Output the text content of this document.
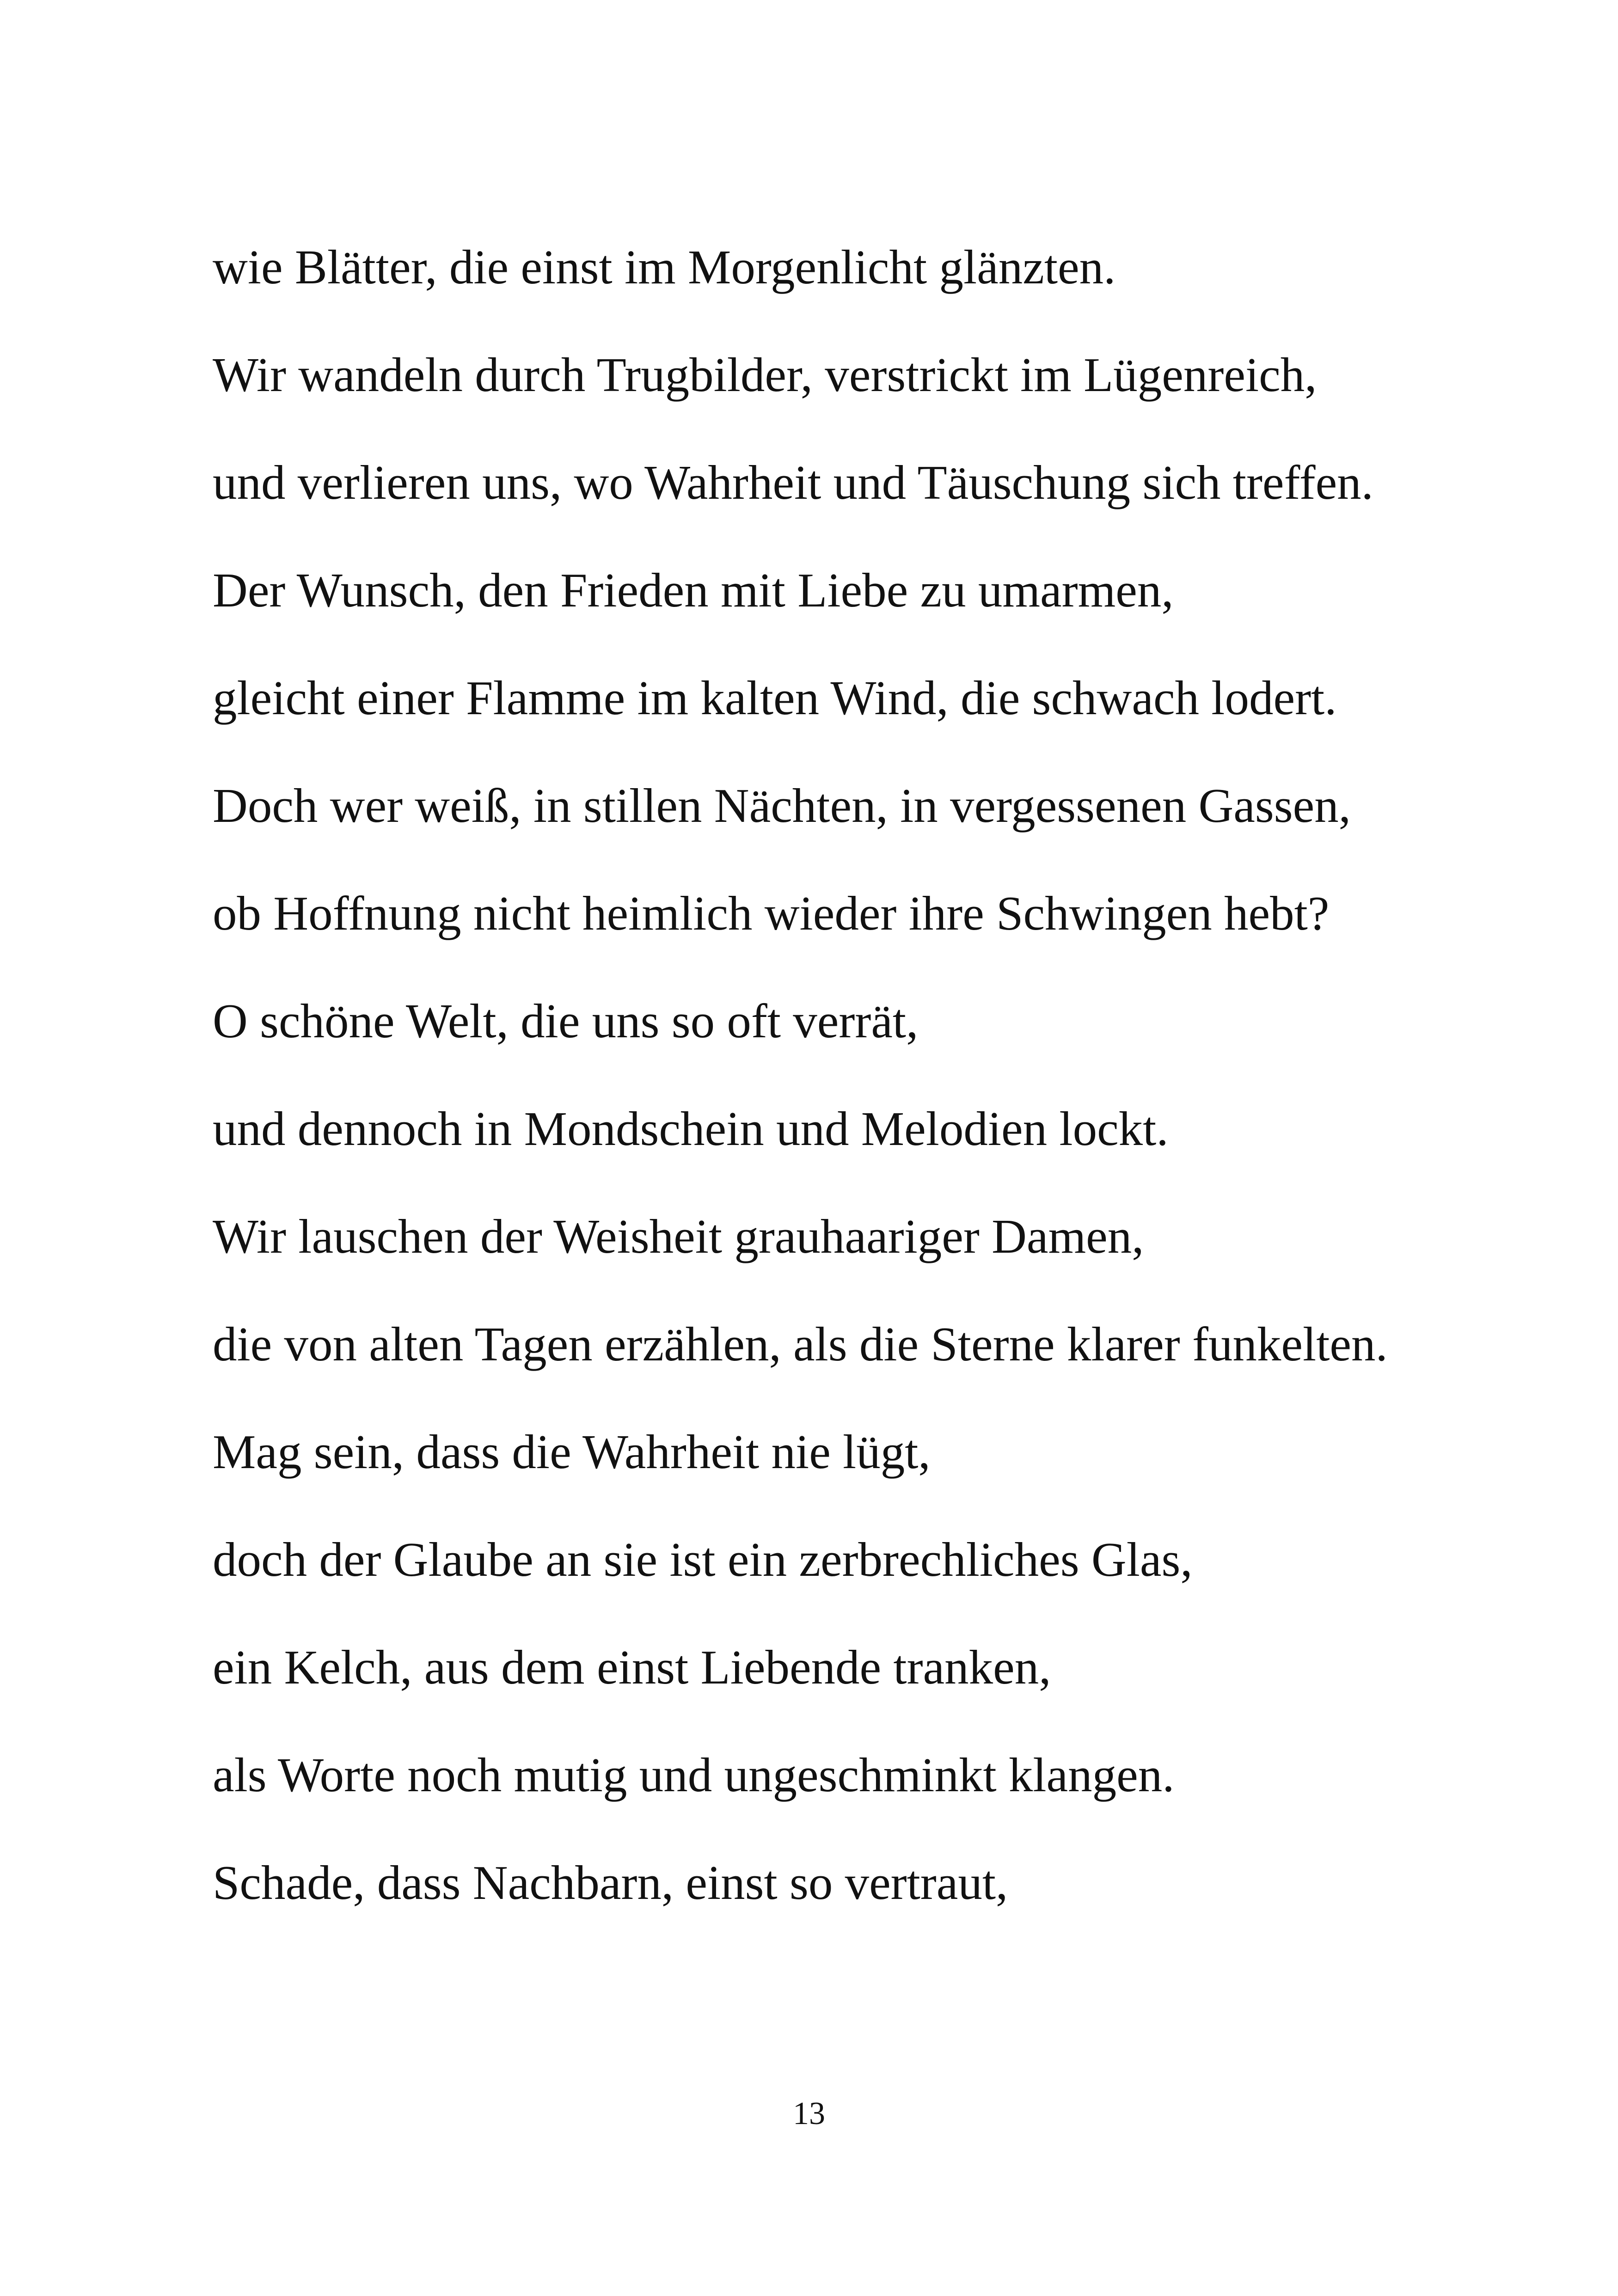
wie Blätter, die einst im Morgenlicht glänzten.

Wir wandeln durch Trugbilder, verstrickt im Lügenreich,

und verlieren uns, wo Wahrheit und Täuschung sich treffen.

Der Wunsch, den Frieden mit Liebe zu umarmen,

gleicht einer Flamme im kalten Wind, die schwach lodert.

Doch wer weiß, in stillen Nächten, in vergessenen Gassen,

ob Hoffnung nicht heimlich wieder ihre Schwingen hebt?

O schöne Welt, die uns so oft verrät,

und dennoch in Mondschein und Melodien lockt.

Wir lauschen der Weisheit grauhaariger Damen,

die von alten Tagen erzählen, als die Sterne klarer funkelten.

Mag sein, dass die Wahrheit nie lügt,

doch der Glaube an sie ist ein zerbrechliches Glas,

ein Kelch, aus dem einst Liebende tranken,

als Worte noch mutig und ungeschminkt klangen.

Schade, dass Nachbarn, einst so vertraut,

13
